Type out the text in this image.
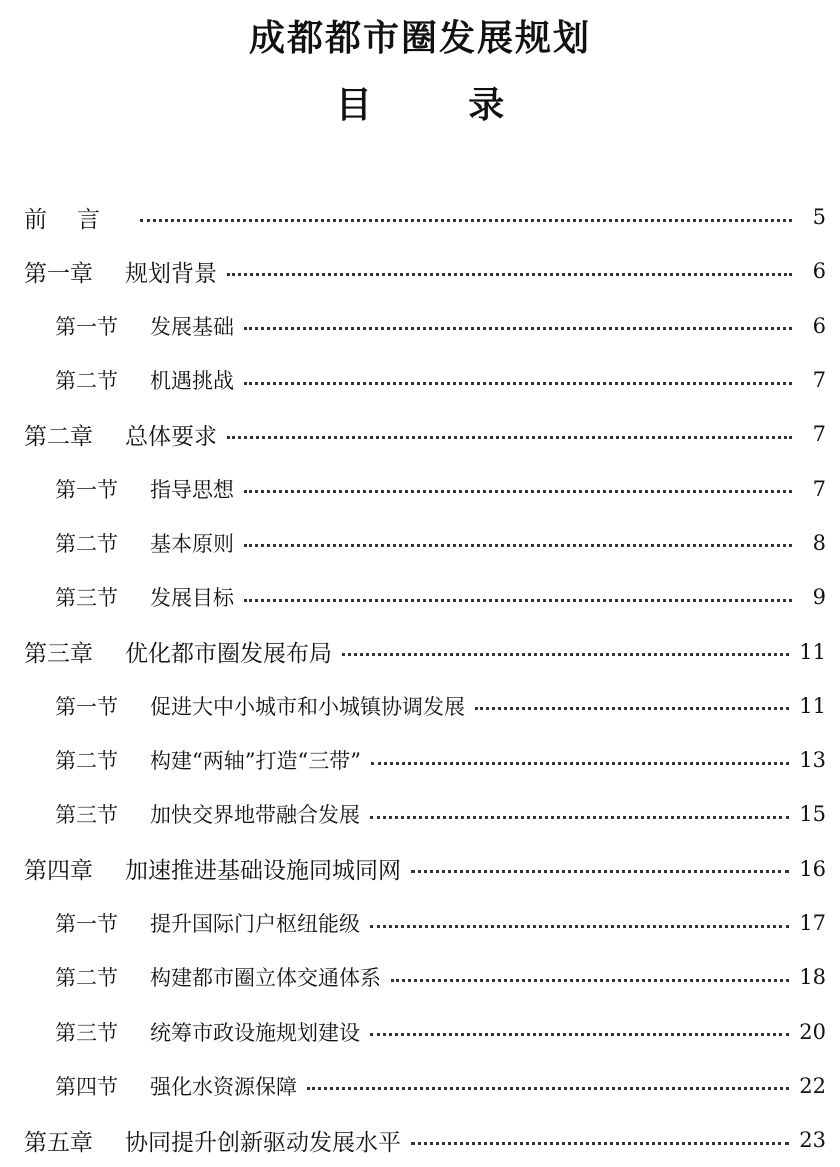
成都都市圈发展规划
目 录
前言	5
第一章 规划背景	6
第一节 发展基础	6
第二节 机遇挑战	7
第二章 总体要求	7
第一节 指导思想	7
第二节 基本原则	8
第三节 发展目标	9
第三章 优化都市圈发展布局	11
第一节 促进大中小城市和小城镇协调发展	11
第二节 构建“两轴”打造“三带”	13
第三节 加快交界地带融合发展	15
第四章 加速推进基础设施同城同网	16
第一节 提升国际门户枢纽能级	17
第二节 构建都市圈立体交通体系	18
第三节 统筹市政设施规划建设	20
第四节 强化水资源保障	22
第五章 协同提升创新驱动发展水平	23
